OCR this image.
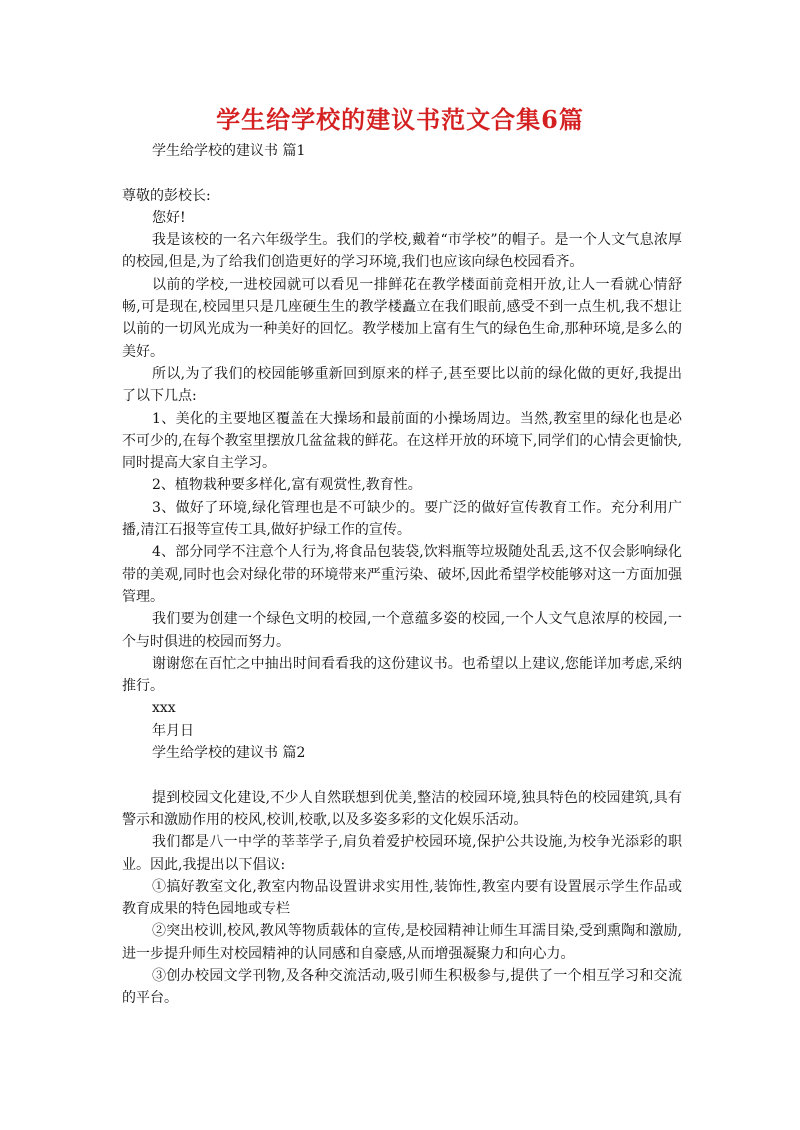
学生给学校的建议书范文合集6篇

学生给学校的建议书 篇1

尊敬的彭校长:

您好!

我是该校的一名六年级学生。我们的学校,戴着“市学校”的帽子。是一个人文气息浓厚的校园,但是,为了给我们创造更好的学习环境,我们也应该向绿色校园看齐。

以前的学校,一进校园就可以看见一排鲜花在教学楼面前竞相开放,让人一看就心情舒畅,可是现在,校园里只是几座硬生生的教学楼矗立在我们眼前,感受不到一点生机,我不想让以前的一切风光成为一种美好的回忆。教学楼加上富有生气的绿色生命,那种环境,是多么的美好。

所以,为了我们的校园能够重新回到原来的样子,甚至要比以前的绿化做的更好,我提出了以下几点:

1、美化的主要地区覆盖在大操场和最前面的小操场周边。当然,教室里的绿化也是必不可少的,在每个教室里摆放几盆盆栽的鲜花。在这样开放的环境下,同学们的心情会更愉快,同时提高大家自主学习。

2、植物栽种要多样化,富有观赏性,教育性。

3、做好了环境,绿化管理也是不可缺少的。要广泛的做好宣传教育工作。充分利用广播,清江石报等宣传工具,做好护绿工作的宣传。

4、部分同学不注意个人行为,将食品包装袋,饮料瓶等垃圾随处乱丢,这不仅会影响绿化带的美观,同时也会对绿化带的环境带来严重污染、破坏,因此希望学校能够对这一方面加强管理。

我们要为创建一个绿色文明的校园,一个意蕴多姿的校园,一个人文气息浓厚的校园,一个与时俱进的校园而努力。

谢谢您在百忙之中抽出时间看看我的这份建议书。也希望以上建议,您能详加考虑,采纳推行。

xxx

年月日

学生给学校的建议书 篇2

提到校园文化建设,不少人自然联想到优美,整洁的校园环境,独具特色的校园建筑,具有警示和激励作用的校风,校训,校歌,以及多姿多彩的文化娱乐活动。

我们都是八一中学的莘莘学子,肩负着爱护校园环境,保护公共设施,为校争光添彩的职业。因此,我提出以下倡议:

①搞好教室文化,教室内物品设置讲求实用性,装饰性,教室内要有设置展示学生作品或教育成果的特色园地或专栏

②突出校训,校风,教风等物质载体的宣传,是校园精神让师生耳濡目染,受到熏陶和激励,进一步提升师生对校园精神的认同感和自豪感,从而增强凝聚力和向心力。

③创办校园文学刊物,及各种交流活动,吸引师生积极参与,提供了一个相互学习和交流的平台。
